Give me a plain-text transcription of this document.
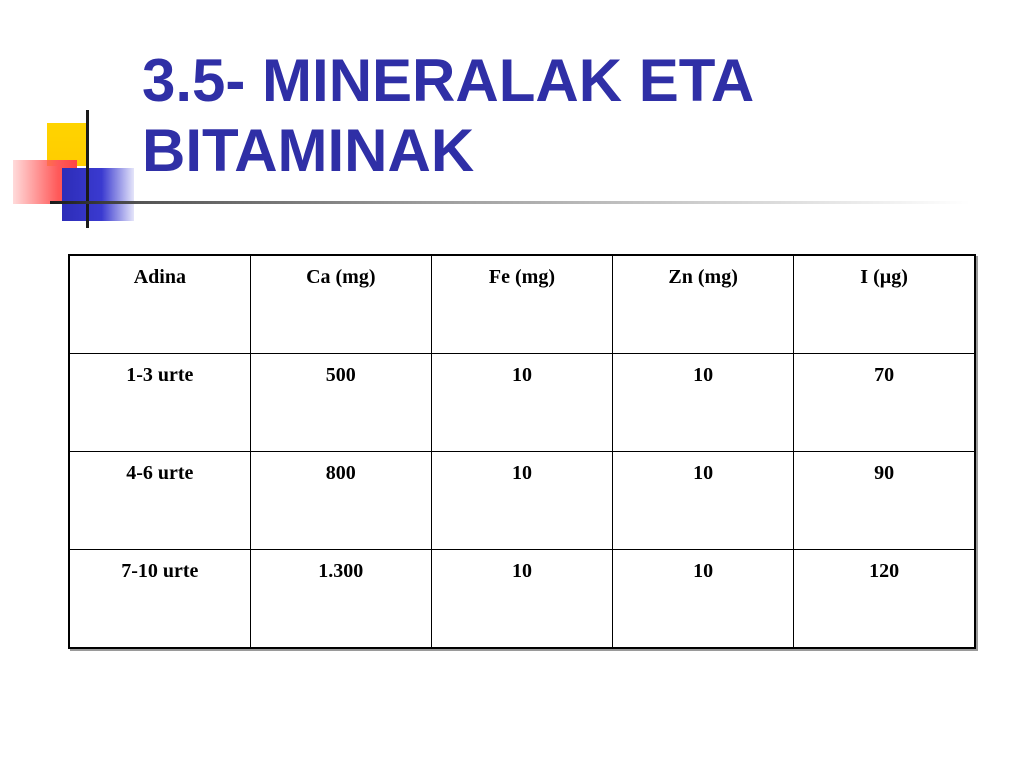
3.5- MINERALAK ETA
BITAMINAK
Adina	Ca (mg)	Fe (mg)	Zn (mg)	I (µg)
1-3 urte	500	10	10	70
4-6 urte	800	10	10	90
7-10 urte	1.300	10	10	120
